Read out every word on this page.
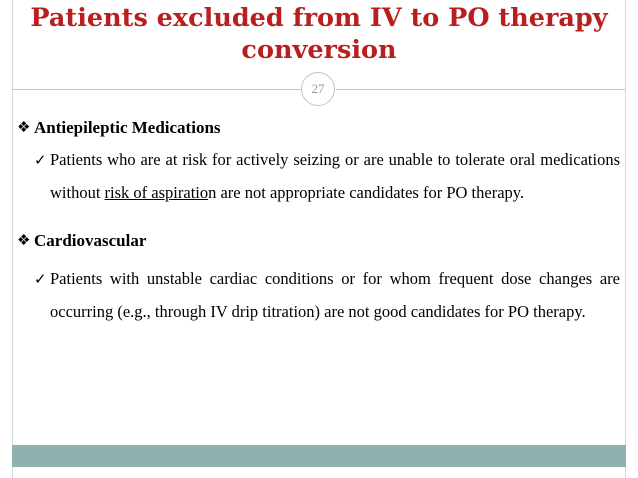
Patients excluded from IV to PO therapy conversion
27
❖ Antiepileptic Medications
✓ Patients who are at risk for actively seizing or are unable to tolerate oral medications without risk of aspiration are not appropriate candidates for PO therapy.
❖ Cardiovascular
✓ Patients with unstable cardiac conditions or for whom frequent dose changes are occurring (e.g., through IV drip titration) are not good candidates for PO therapy.
